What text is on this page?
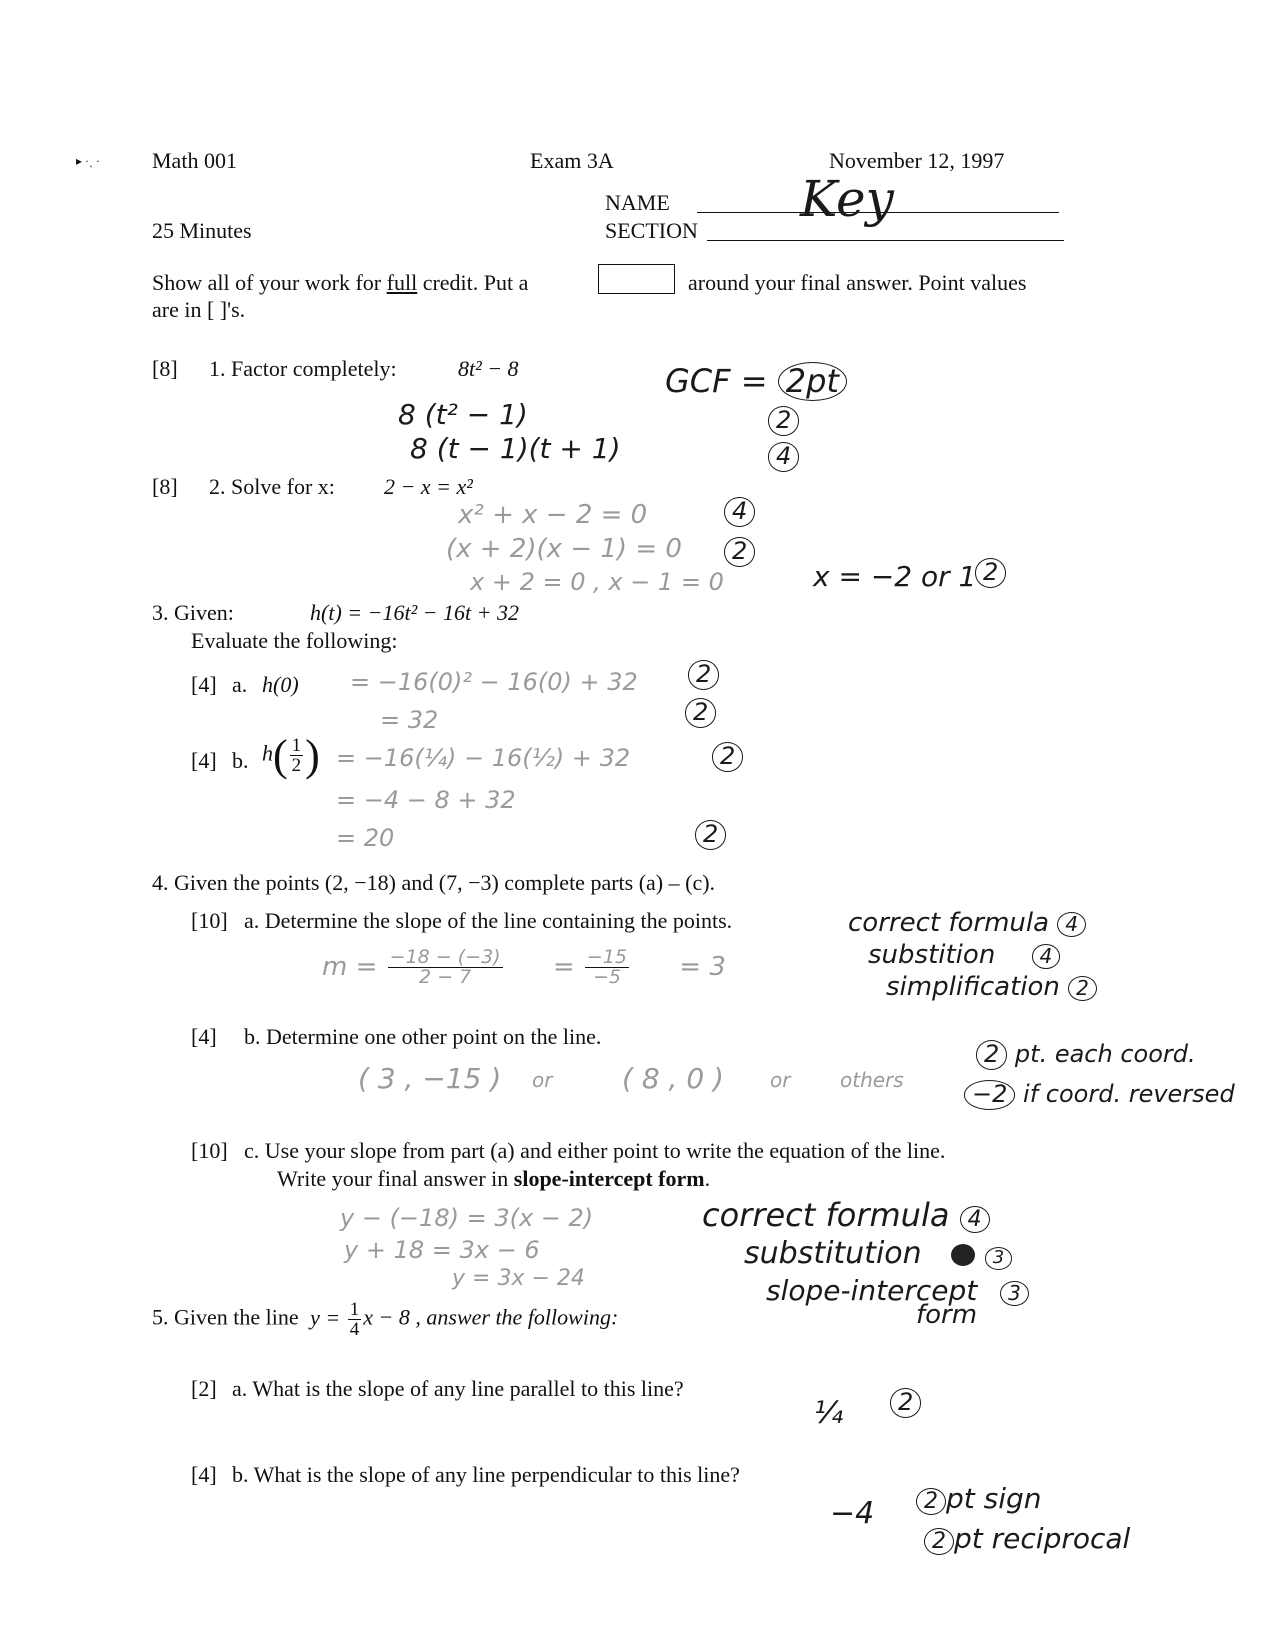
▸ ·ˏ · Math 001	Exam 3A	November 12, 1997
25 Minutes
NAME
SECTION
Key
Show all of your work for full credit. Put a	around your final answer. Point values
are in [ ]'s.
[8] 1. Factor completely:	8t² − 8
8 (t² − 1)
8 (t − 1)(t + 1)
GCF = 2pt
2
4
[8] 2. Solve for x: 2 − x = x²
x² + x − 2 = 0
(x + 2)(x − 1) = 0
x + 2 = 0 , x − 1 = 0
4
2
x = −2 or 1 2
3. Given:	h(t) = −16t² − 16t + 32
Evaluate the following:
[4] a. h(0) = −16(0)² − 16(0) + 32
= 32
2
2
[4] b. $h( \frac{1}{2}$ ) = −16(¼) − 16(½) + 32
= −4 − 8 + 32
= 20
2
2
4. Given the points (2, −18) and (7, −3) complete parts (a) – (c).
[10] a. Determine the slope of the line containing the points.
$m = \frac{-18 - (-3)}{2 - 7} = \frac{-15}{-5} = 3$
correct formula 4
substition 4
simplification 2
[4] b. Determine one other point on the line.
( 3 , −15 ) or ( 8 , 0 ) or others
2 pt. each coord.
−2 if coord. reversed
[10] c. Use your slope from part (a) and either point to write the equation of the line.
Write your final answer in slope-intercept form.
y − (−18) = 3(x − 2)
y + 18 = 3x − 6
y = 3x − 24
correct formula 4
substitution	3
slope-intercept 3
form
5. Given the line $y = \frac{1}{4}$ x − 8 , answer the following:
[2] a. What is the slope of any line parallel to this line?
¼	2
[4] b. What is the slope of any line perpendicular to this line?
−4	2 pt sign
2 pt reciprocal
